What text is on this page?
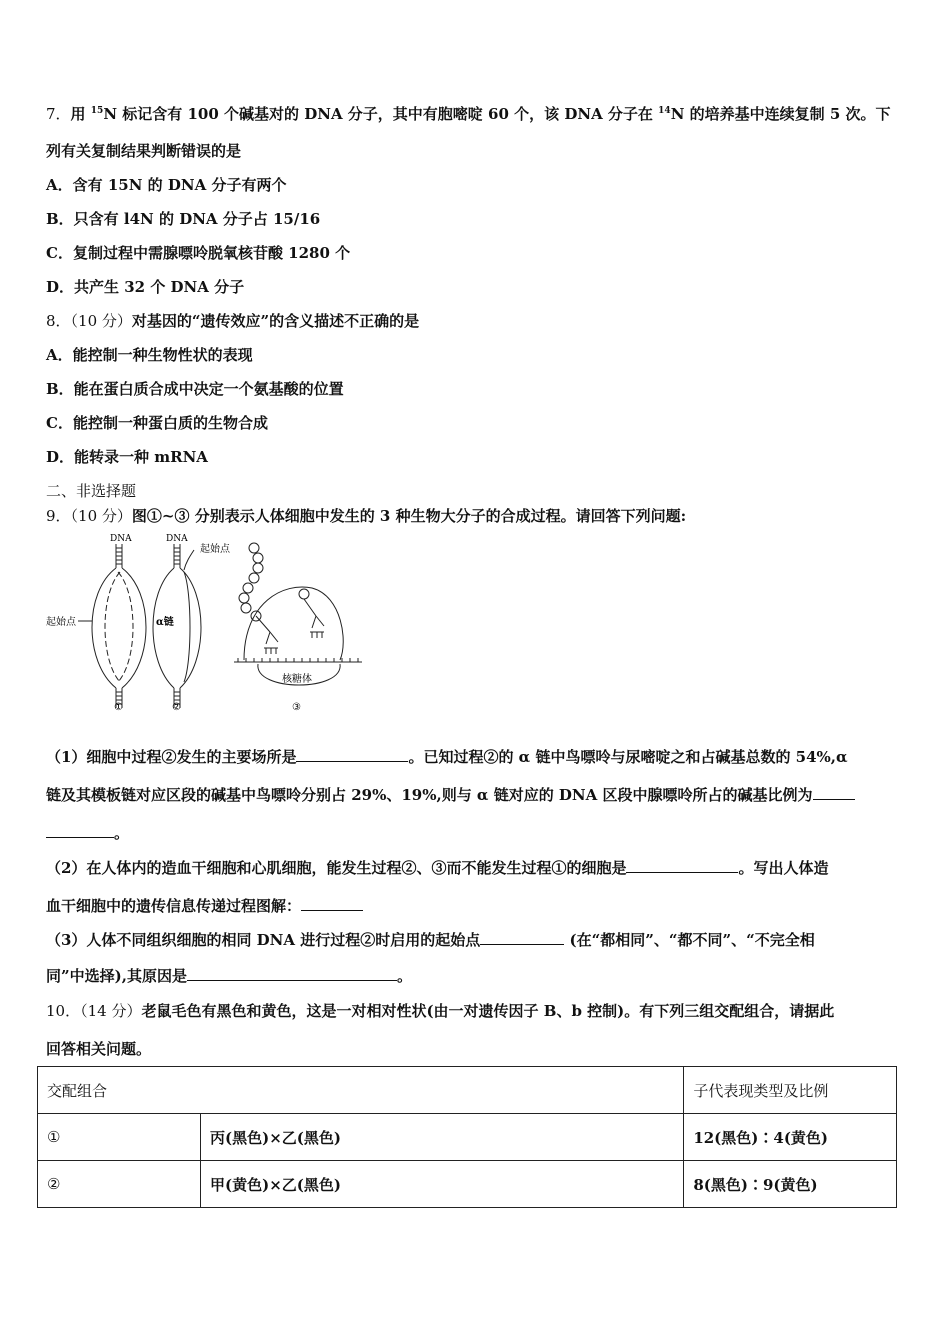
7．用 $^{15}$N 标记含有 100 个碱基对的 DNA 分子，其中有胞嘧啶 60 个，该 DNA 分子在 $^{14}$N 的培养基中连续复制 5 次。下
列有关复制结果判断错误的是
A．含有 15N 的 DNA 分子有两个
B．只含有 l4N 的 DNA 分子占 15/16
C．复制过程中需腺嘌呤脱氧核苷酸 1280 个
D．共产生 32 个 DNA 分子
8．（10 分）对基因的“遗传效应”的含义描述不正确的是
A．能控制一种生物性状的表现
B．能在蛋白质合成中决定一个氨基酸的位置
C．能控制一种蛋白质的生物合成
D．能转录一种 mRNA
二、非选择题
9．（10 分）图①~③ 分别表示人体细胞中发生的 3 种生物大分子的合成过程。请回答下列问题:
DNA
起始点
①
DNA
起始点
α链
②
核糖体
③
（1）细胞中过程②发生的主要场所是	。已知过程②的 α 链中鸟嘌呤与尿嘧啶之和占碱基总数的 54%,α
链及其模板链对应区段的碱基中鸟嘌呤分别占 29%、19%,则与 α 链对应的 DNA 区段中腺嘌呤所占的碱基比例为
。
（2）在人体内的造血干细胞和心肌细胞，能发生过程②、③而不能发生过程①的细胞是	。写出人体造
血干细胞中的遗传信息传递过程图解：
（3）人体不同组织细胞的相同 DNA 进行过程②时启用的起始点	(在“都相同”、“都不同”、“不完全相
同”中选择),其原因是	。
10．（14 分）老鼠毛色有黑色和黄色，这是一对相对性状(由一对遗传因子 B、b 控制)。有下列三组交配组合，请据此
回答相关问题。
交配组合		子代表现类型及比例
①	丙(黑色)×乙(黑色)	12(黑色)∶4(黄色)
②	甲(黄色)×乙(黑色)	8(黑色)∶9(黄色)
